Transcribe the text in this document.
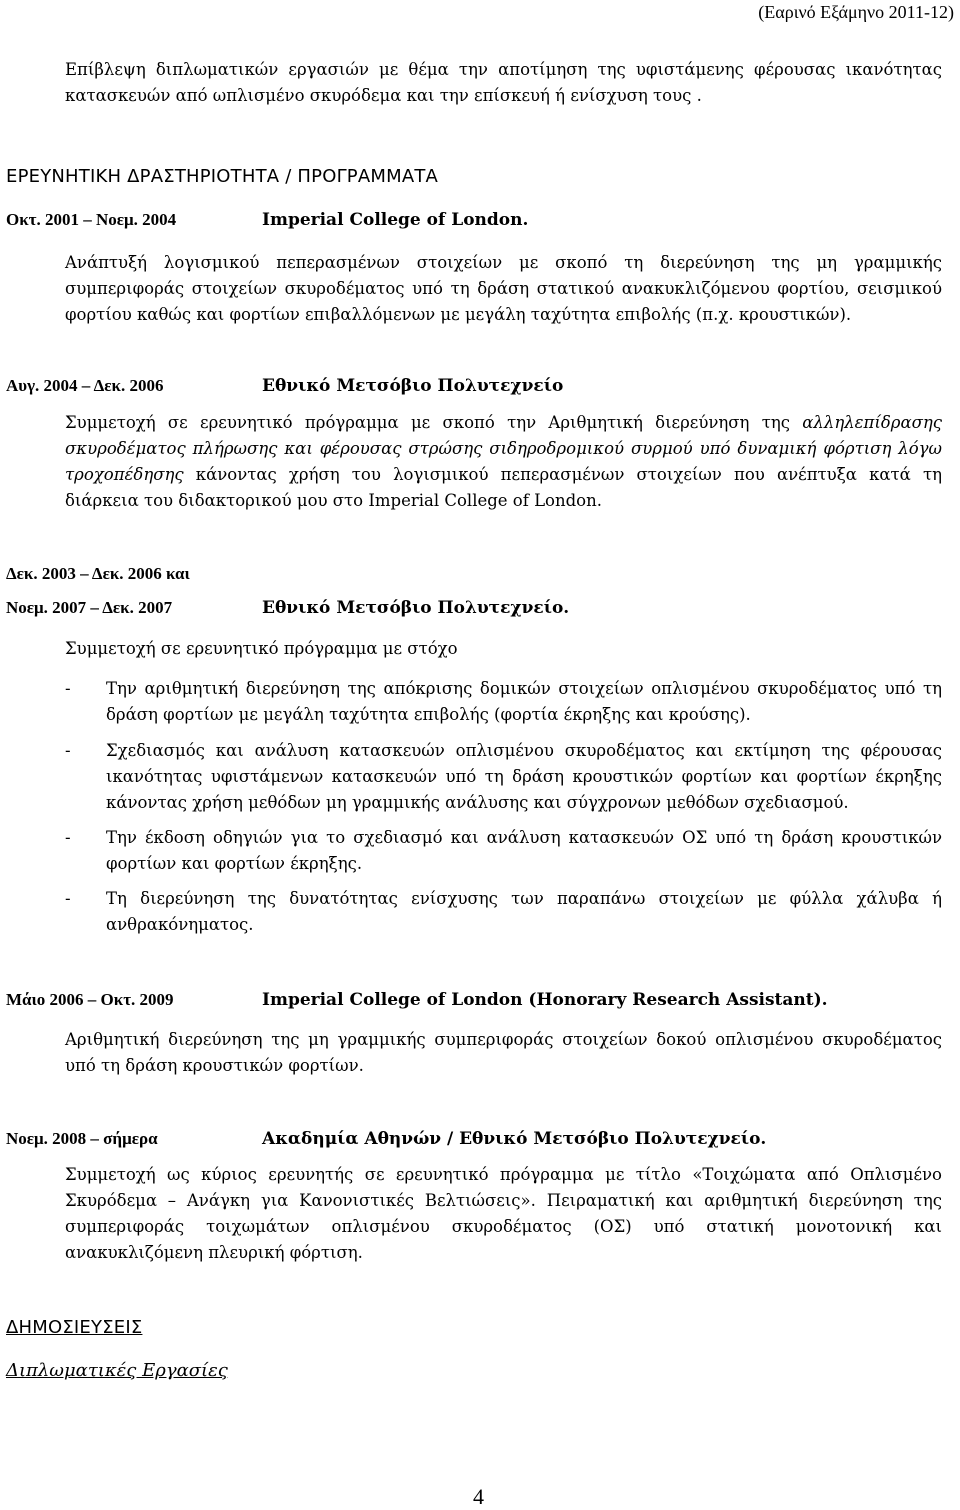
(Εαρινό Εξάμηνο 2011-12)
Επίβλεψη διπλωματικών εργασιών με θέμα την αποτίμηση της υφιστάμενης φέρουσας ικανότητας
κατασκευών από ωπλισμένο σκυρόδεμα και την επίσκευή ή ενίσχυση τους .
ΕΡΕΥΝΗΤΙΚΗ ΔΡΑΣΤΗΡΙΟΤΗΤΑ / ΠΡΟΓΡΑΜΜΑΤΑ
Οκτ. 2001 – Νοεμ. 2004	Imperial College of London.
Ανάπτυξή λογισμικού πεπερασμένων στοιχείων με σκοπό τη διερεύνηση της μη γραμμικής
συμπεριφοράς στοιχείων σκυροδέματος υπό τη δράση στατικού ανακυκλιζόμενου φορτίου, σεισμικού
φορτίου καθώς και φορτίων επιβαλλόμενων με μεγάλη ταχύτητα επιβολής (π.χ. κρουστικών).
Αυγ. 2004 – Δεκ. 2006	Εθνικό Μετσόβιο Πολυτεχνείο
Συμμετοχή σε ερευνητικό πρόγραμμα με σκοπό την Αριθμητική διερεύνηση της αλληλεπίδρασης
σκυροδέματος πλήρωσης και φέρουσας στρώσης σιδηροδρομικού συρμού υπό δυναμική φόρτιση λόγω
τροχοπέδησης κάνοντας χρήση του λογισμικού πεπερασμένων στοιχείων που ανέπτυξα κατά τη
διάρκεια του διδακτορικού μου στο Imperial College of London.
Δεκ. 2003 – Δεκ. 2006 και
Νοεμ. 2007 – Δεκ. 2007	Εθνικό Μετσόβιο Πολυτεχνείο.
Συμμετοχή σε ερευνητικό πρόγραμμα με στόχο
- Την αριθμητική διερεύνηση της απόκρισης δομικών στοιχείων οπλισμένου σκυροδέματος υπό τη
δράση φορτίων με μεγάλη ταχύτητα επιβολής (φορτία έκρηξης και κρούσης).
- Σχεδιασμός και ανάλυση κατασκευών οπλισμένου σκυροδέματος και εκτίμηση της φέρουσας
ικανότητας υφιστάμενων κατασκευών υπό τη δράση κρουστικών φορτίων και φορτίων έκρηξης
κάνοντας χρήση μεθόδων μη γραμμικής ανάλυσης και σύγχρονων μεθόδων σχεδιασμού.
- Την έκδοση οδηγιών για το σχεδιασμό και ανάλυση κατασκευών ΟΣ υπό τη δράση κρουστικών
φορτίων και φορτίων έκρηξης.
- Τη διερεύνηση της δυνατότητας ενίσχυσης των παραπάνω στοιχείων με φύλλα χάλυβα ή
ανθρακόνηματος.
Μάιο 2006 – Οκτ. 2009	Imperial College of London (Honorary Research Assistant).
Αριθμητική διερεύνηση της μη γραμμικής συμπεριφοράς στοιχείων δοκού οπλισμένου σκυροδέματος
υπό τη δράση κρουστικών φορτίων.
Νοεμ. 2008 – σήμερα	Ακαδημία Αθηνών / Εθνικό Μετσόβιο Πολυτεχνείο.
Συμμετοχή ως κύριος ερευνητής σε ερευνητικό πρόγραμμα με τίτλο «Τοιχώματα από Οπλισμένο
Σκυρόδεμα – Ανάγκη για Κανονιστικές Βελτιώσεις». Πειραματική και αριθμητική διερεύνηση της
συμπεριφοράς τοιχωμάτων οπλισμένου σκυροδέματος (ΟΣ) υπό στατική μονοτονική και
ανακυκλιζόμενη πλευρική φόρτιση.
ΔΗΜΟΣΙΕΥΣΕΙΣ
Διπλωματικές Εργασίες
4
